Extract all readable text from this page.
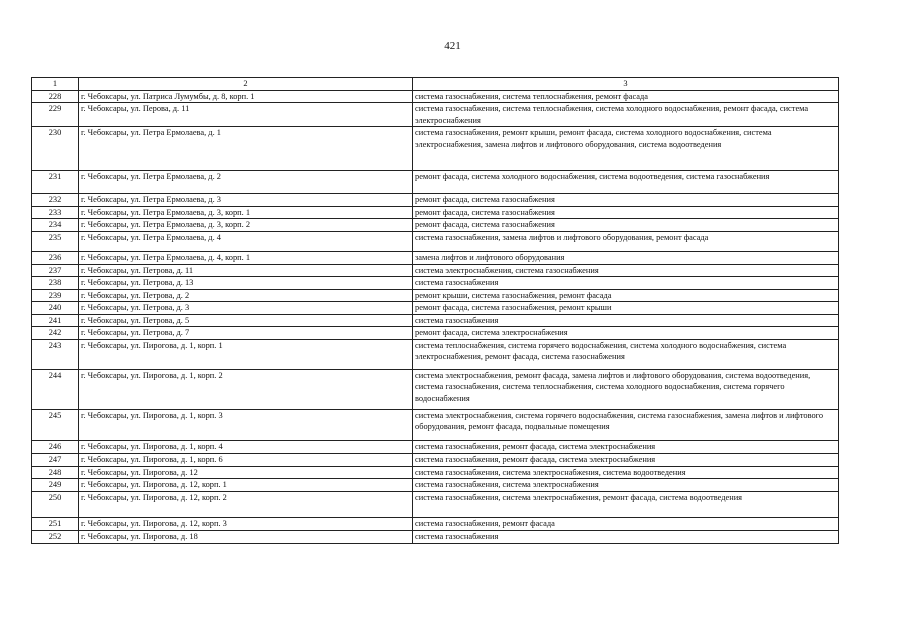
421
1	2	3
228	г. Чебоксары, ул. Патриса Лумумбы, д. 8, корп. 1	система газоснабжения, система теплоснабжения, ремонт фасада
229	г. Чебоксары, ул. Перова, д. 11	система газоснабжения, система теплоснабжения, система холодного водоснабжения, ремонт фасада, система электроснабжения
230	г. Чебоксары, ул. Петра Ермолаева, д. 1	система газоснабжения, ремонт крыши, ремонт фасада, система холодного водоснабжения, система электроснабжения, замена лифтов и лифтового оборудования, система водоотведения
231	г. Чебоксары, ул. Петра Ермолаева, д. 2	ремонт фасада, система холодного водоснабжения, система водоотведения, система газоснабжения
232	г. Чебоксары, ул. Петра Ермолаева, д. 3	ремонт фасада, система газоснабжения
233	г. Чебоксары, ул. Петра Ермолаева, д. 3, корп. 1	ремонт фасада, система газоснабжения
234	г. Чебоксары, ул. Петра Ермолаева, д. 3, корп. 2	ремонт фасада, система газоснабжения
235	г. Чебоксары, ул. Петра Ермолаева, д. 4	система газоснабжения, замена лифтов и лифтового оборудования, ремонт фасада
236	г. Чебоксары, ул. Петра Ермолаева, д. 4, корп. 1	замена лифтов и лифтового оборудования
237	г. Чебоксары, ул. Петрова, д. 11	система электроснабжения, система газоснабжения
238	г. Чебоксары, ул. Петрова, д. 13	система газоснабжения
239	г. Чебоксары, ул. Петрова, д. 2	ремонт крыши, система газоснабжения, ремонт фасада
240	г. Чебоксары, ул. Петрова, д. 3	ремонт фасада, система газоснабжения, ремонт крыши
241	г. Чебоксары, ул. Петрова, д. 5	система газоснабжения
242	г. Чебоксары, ул. Петрова, д. 7	ремонт фасада, система электроснабжения
243	г. Чебоксары, ул. Пирогова, д. 1, корп. 1	система теплоснабжения, система горячего водоснабжения, система холодного водоснабжения, система электроснабжения, ремонт фасада, система газоснабжения
244	г. Чебоксары, ул. Пирогова, д. 1, корп. 2	система электроснабжения, ремонт фасада, замена лифтов и лифтового оборудования, система водоотведения, система газоснабжения, система теплоснабжения, система холодного водоснабжения, система горячего водоснабжения
245	г. Чебоксары, ул. Пирогова, д. 1, корп. 3	система электроснабжения, система горячего водоснабжения, система газоснабжения, замена лифтов и лифтового оборудования, ремонт фасада, подвальные помещения
246	г. Чебоксары, ул. Пирогова, д. 1, корп. 4	система газоснабжения, ремонт фасада, система электроснабжения
247	г. Чебоксары, ул. Пирогова, д. 1, корп. 6	система газоснабжения, ремонт фасада, система электроснабжения
248	г. Чебоксары, ул. Пирогова, д. 12	система газоснабжения, система электроснабжения, система водоотведения
249	г. Чебоксары, ул. Пирогова, д. 12, корп. 1	система газоснабжения, система электроснабжения
250	г. Чебоксары, ул. Пирогова, д. 12, корп. 2	система газоснабжения, система электроснабжения, ремонт фасада, система водоотведения
251	г. Чебоксары, ул. Пирогова, д. 12, корп. 3	система газоснабжения, ремонт фасада
252	г. Чебоксары, ул. Пирогова, д. 18	система газоснабжения
